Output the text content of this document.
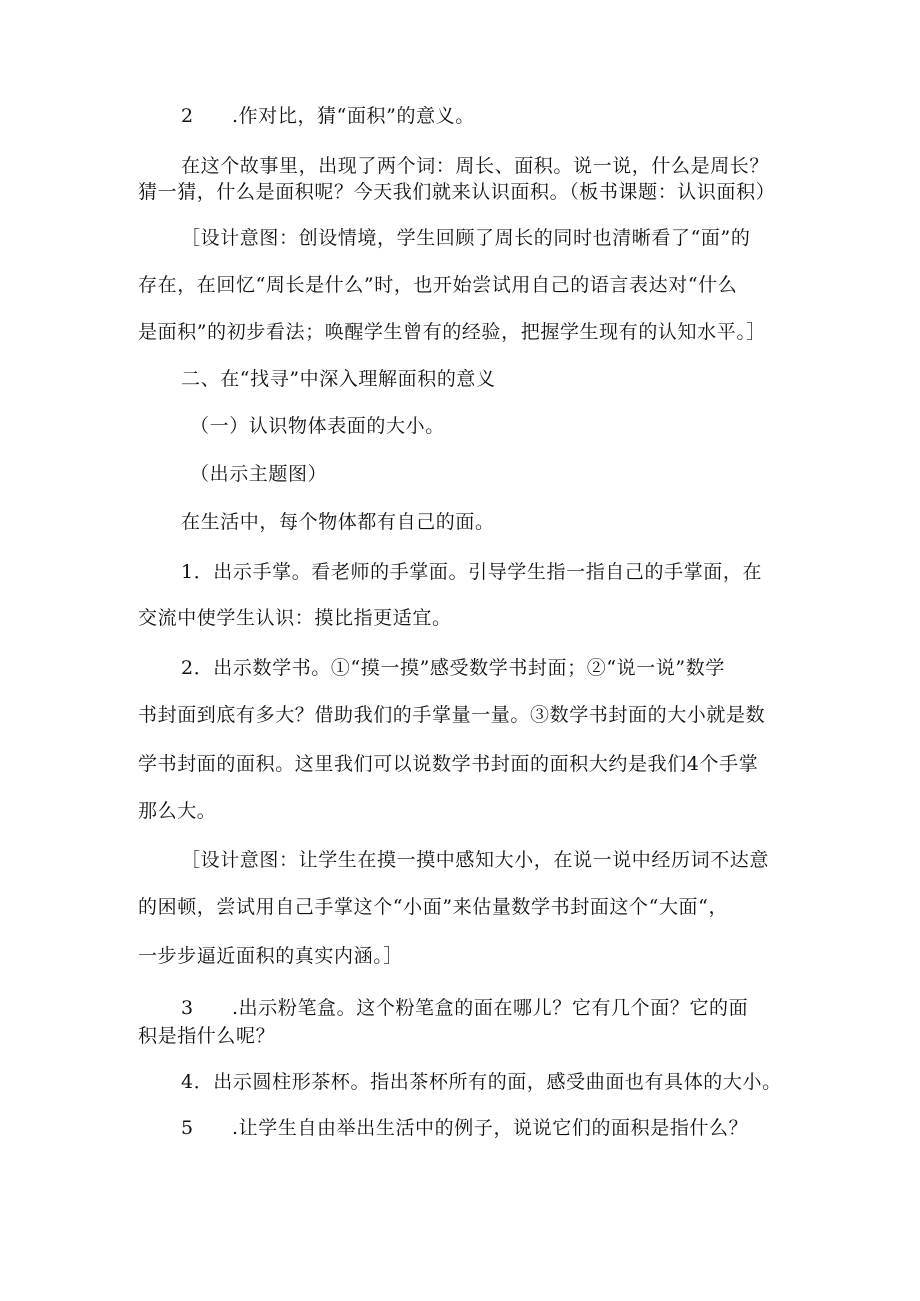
2 .作对比，猜“面积”的意义。
在这个故事里，出现了两个词：周长、面积。说一说，什么是周长？
猜一猜，什么是面积呢？今天我们就来认识面积。（板书课题：认识面积）
［设计意图：创设情境，学生回顾了周长的同时也清晰看了“面”的
存在，在回忆“周长是什么”时，也开始尝试用自己的语言表达对“什么
是面积”的初步看法；唤醒学生曾有的经验，把握学生现有的认知水平。］
二、在“找寻”中深入理解面积的意义
（一）认识物体表面的大小。
（出示主题图）
在生活中，每个物体都有自己的面。
1．出示手掌。看老师的手掌面。引导学生指一指自己的手掌面，在
交流中使学生认识：摸比指更适宜。
2．出示数学书。①“摸一摸”感受数学书封面；②“说一说”数学
书封面到底有多大？借助我们的手掌量一量。③数学书封面的大小就是数
学书封面的面积。这里我们可以说数学书封面的面积大约是我们4个手掌
那么大。
［设计意图：让学生在摸一摸中感知大小，在说一说中经历词不达意
的困顿，尝试用自己手掌这个“小面”来估量数学书封面这个“大面“，
一步步逼近面积的真实内涵。］
3 .出示粉笔盒。这个粉笔盒的面在哪儿？它有几个面？它的面
积是指什么呢？
4．出示圆柱形茶杯。指出茶杯所有的面，感受曲面也有具体的大小。
5 .让学生自由举出生活中的例子，说说它们的面积是指什么？
